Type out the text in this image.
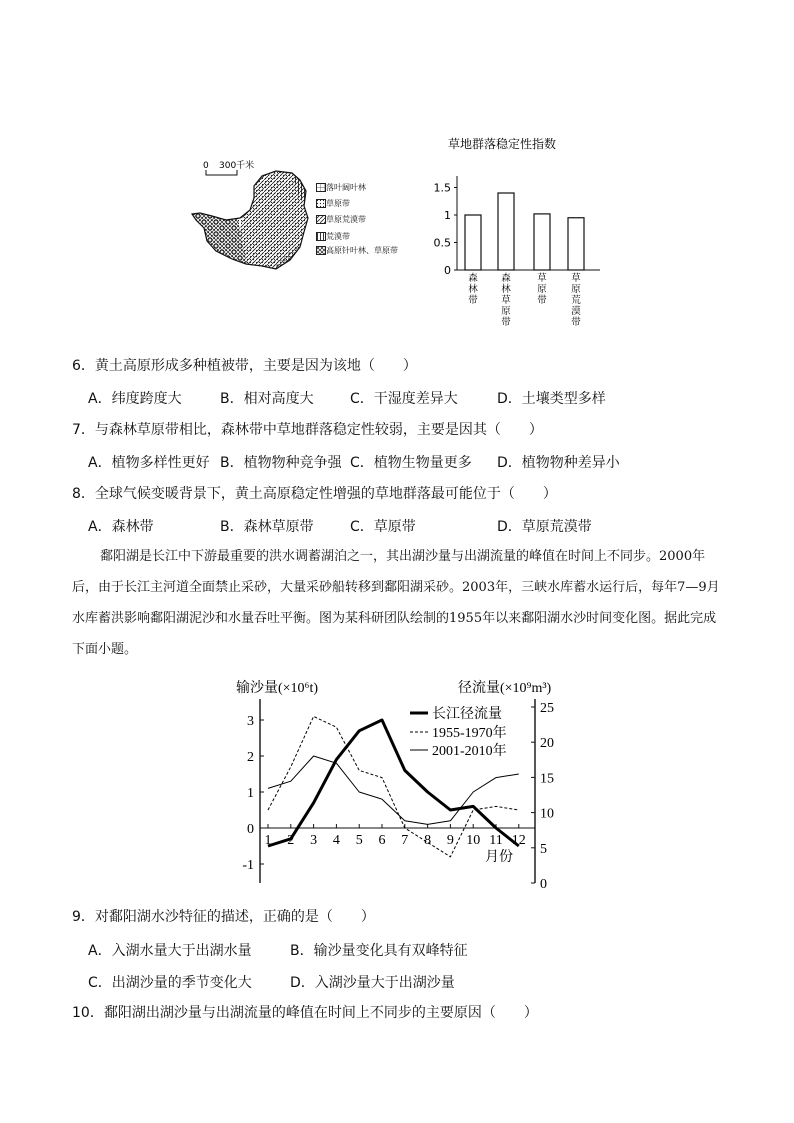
0 300千米
草地群落稳定性指数
0
0.5
1
1.5
森林带
森林草原带
草原带
草原荒漠带
落叶阔叶林
草原带
草原荒漠带
荒漠带
高原针叶林、草原带
6．黄土高原形成多种植被带，主要是因为该地（　　）
A．纬度跨度大	B．相对高度大	C．干湿度差异大	D．土壤类型多样
7．与森林草原带相比，森林带中草地群落稳定性较弱，主要是因其（　　）
A．植物多样性更好 B．植物物种竞争强 C．植物生物量更多 D．植物物种差异小
8．全球气候变暖背景下，黄土高原稳定性增强的草地群落最可能位于（　　）
A．森林带	B．森林草原带	C．草原带	D．草原荒漠带
鄱阳湖是长江中下游最重要的洪水调蓄湖泊之一，其出湖沙量与出湖流量的峰值在时间上不同步。2000年后，由于长江主河道全面禁止采砂，大量采砂船转移到鄱阳湖采砂。2003年，三峡水库蓄水运行后，每年7—9月水库蓄洪影响鄱阳湖泥沙和水量吞吐平衡。图为某科研团队绘制的1955年以来鄱阳湖水沙时间变化图。据此完成下面小题。
输沙量(×10⁶t)	径流量(×10⁹m³)
-1
0
1
2
3
0
5
10
15
20
25
1 2 3 4 5 6 7 8 9 10 11 12
月份
长江径流量
1955-1970年
2001-2010年
9．对鄱阳湖水沙特征的描述，正确的是（　　）
A．入湖水量大于出湖水量	B．输沙量变化具有双峰特征
C．出湖沙量的季节变化大	D．入湖沙量大于出湖沙量
10．鄱阳湖出湖沙量与出湖流量的峰值在时间上不同步的主要原因（　　）
